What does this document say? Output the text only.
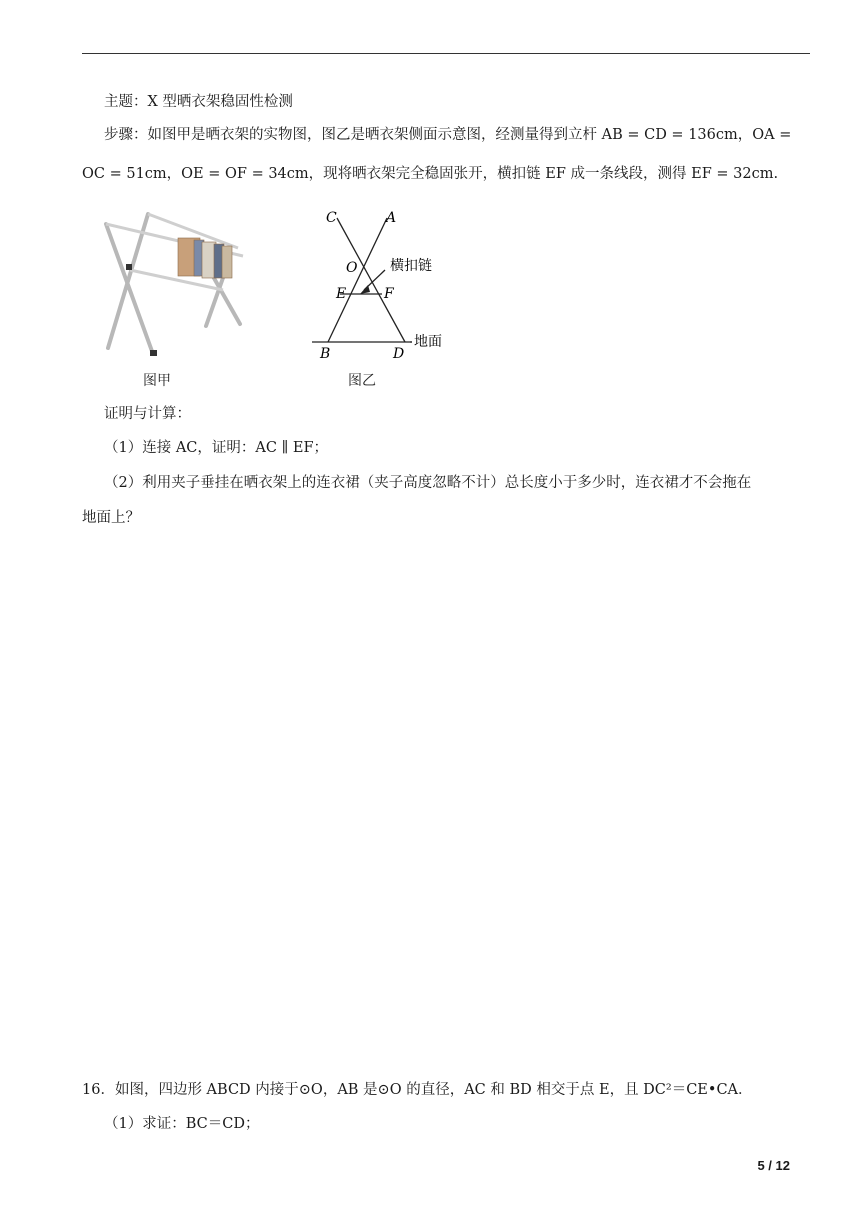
主题：X 型晒衣架稳固性检测
步骤：如图甲是晒衣架的实物图，图乙是晒衣架侧面示意图，经测量得到立杆 AB = CD = 136cm，OA =
OC = 51cm，OE = OF = 34cm，现将晒衣架完全稳固张开，横扣链 EF 成一条线段，测得 EF = 32cm.
图甲
C	A
O
E	F
B	D
横扣链
地面
图乙
证明与计算：
（1）连接 AC，证明：AC ∥ EF；
（2）利用夹子垂挂在晒衣架上的连衣裙（夹子高度忽略不计）总长度小于多少时，连衣裙才不会拖在
地面上？
16．如图，四边形 ABCD 内接于⊙O，AB 是⊙O 的直径，AC 和 BD 相交于点 E，且 DC²＝CE•CA．
（1）求证：BC＝CD；
5 / 12
